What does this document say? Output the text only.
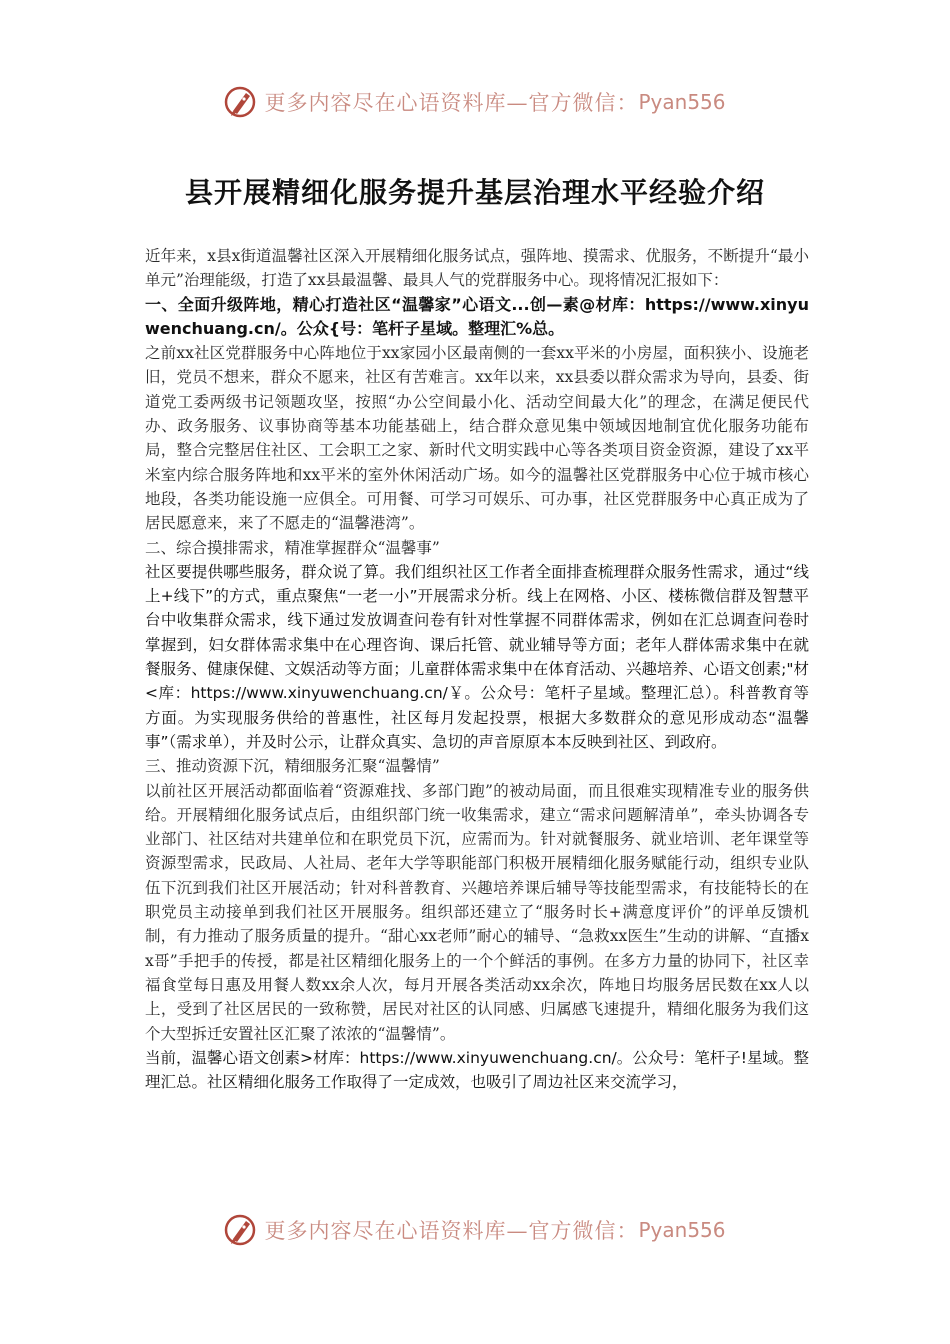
更多内容尽在心语资料库—官方微信： Pyan556
县开展精细化服务提升基层治理水平经验介绍

近年来，x县x街道温馨社区深入开展精细化服务试点，强阵地、摸需求、优服务，不断提升“最小单元”治理能级，打造了xx县最温馨、最具人气的党群服务中心。现将情况汇报如下：

一、全面升级阵地，精心打造社区“温馨家”心语文...创—素@材库：https://www.xinyuwenchuang.cn/。公众{号：笔杆子星域。整理汇%总。

之前xx社区党群服务中心阵地位于xx家园小区最南侧的一套xx平米的小房屋，面积狭小、设施老旧，党员不想来，群众不愿来，社区有苦难言。xx年以来，xx县委以群众需求为导向，县委、街道党工委两级书记领题攻坚，按照“办公空间最小化、活动空间最大化”的理念，在满足便民代办、政务服务、议事协商等基本功能基础上，结合群众意见集中领域因地制宜优化服务功能布局，整合完整居住社区、工会职工之家、新时代文明实践中心等各类项目资金资源，建设了xx平米室内综合服务阵地和xx平米的室外休闲活动广场。如今的温馨社区党群服务中心位于城市核心地段，各类功能设施一应俱全。可用餐、可学习可娱乐、可办事，社区党群服务中心真正成为了居民愿意来，来了不愿走的“温馨港湾”。

二、综合摸排需求，精准掌握群众“温馨事”

社区要提供哪些服务，群众说了算。我们组织社区工作者全面排查梳理群众服务性需求，通过“线上+线下”的方式，重点聚焦“一老一小”开展需求分析。线上在网格、小区、楼栋微信群及智慧平台中收集群众需求，线下通过发放调查问卷有针对性掌握不同群体需求，例如在汇总调查问卷时掌握到，妇女群体需求集中在心理咨询、课后托管、就业辅导等方面；老年人群体需求集中在就餐服务、健康保健、文娱活动等方面；儿童群体需求集中在体育活动、兴趣培养、心语文创素;"材<库：https://www.xinyuwenchuang.cn/￥。公众号：笔杆子星域。整理汇总）。科普教育等方面。为实现服务供给的普惠性，社区每月发起投票，根据大多数群众的意见形成动态“温馨事”（需求单），并及时公示，让群众真实、急切的声音原原本本反映到社区、到政府。

三、推动资源下沉，精细服务汇聚“温馨情”

以前社区开展活动都面临着“资源难找、多部门跑”的被动局面，而且很难实现精准专业的服务供给。开展精细化服务试点后，由组织部门统一收集需求，建立“需求问题解清单”，牵头协调各专业部门、社区结对共建单位和在职党员下沉，应需而为。针对就餐服务、就业培训、老年课堂等资源型需求，民政局、人社局、老年大学等职能部门积极开展精细化服务赋能行动，组织专业队伍下沉到我们社区开展活动；针对科普教育、兴趣培养课后辅导等技能型需求，有技能特长的在职党员主动接单到我们社区开展服务。组织部还建立了“服务时长+满意度评价”的评单反馈机制，有力推动了服务质量的提升。“甜心xx老师”耐心的辅导、“急救xx医生”生动的讲解、“直播xx哥”手把手的传授，都是社区精细化服务上的一个个鲜活的事例。在多方力量的协同下，社区幸福食堂每日惠及用餐人数xx余人次，每月开展各类活动xx余次，阵地日均服务居民数在xx人以上，受到了社区居民的一致称赞，居民对社区的认同感、归属感飞速提升，精细化服务为我们这个大型拆迁安置社区汇聚了浓浓的“温馨情”。

当前，温馨心语文创素>材库：https://www.xinyuwenchuang.cn/。公众号：笔杆子!星域。整理汇总。社区精细化服务工作取得了一定成效，也吸引了周边社区来交流学习，

更多内容尽在心语资料库—官方微信： Pyan556
